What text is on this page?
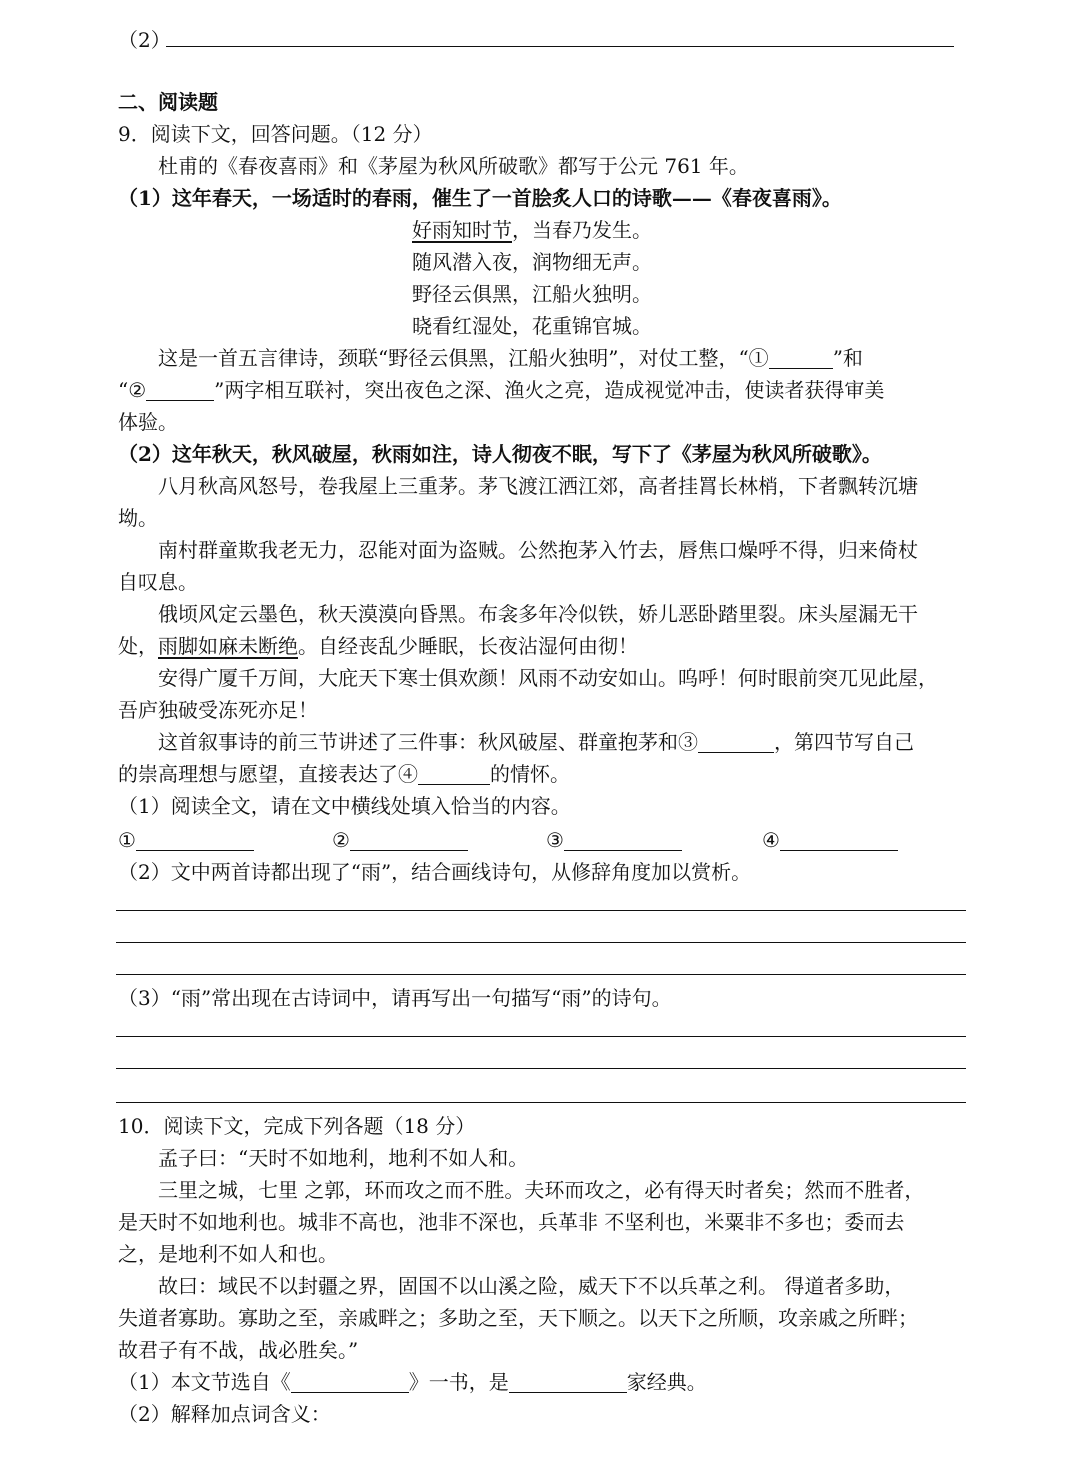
（2）
二、阅读题
9．阅读下文，回答问题。（12 分）
杜甫的《春夜喜雨》和《茅屋为秋风所破歌》都写于公元 761 年。
（1）这年春天，一场适时的春雨，催生了一首脍炙人口的诗歌——《春夜喜雨》。
好雨知时节，当春乃发生。
随风潜入夜，润物细无声。
野径云俱黑，江船火独明。
晓看红湿处，花重锦官城。
这是一首五言律诗，颈联“野径云俱黑，江船火独明”，对仗工整，“①	”和
“②	”两字相互联衬，突出夜色之深、渔火之亮，造成视觉冲击，使读者获得审美
体验。
（2）这年秋天，秋风破屋，秋雨如注，诗人彻夜不眠，写下了《茅屋为秋风所破歌》。
八月秋高风怒号，卷我屋上三重茅。茅飞渡江洒江郊，高者挂罥长林梢，下者飘转沉塘
坳。
南村群童欺我老无力，忍能对面为盗贼。公然抱茅入竹去，唇焦口燥呼不得，归来倚杖
自叹息。
俄顷风定云墨色，秋天漠漠向昏黑。布衾多年冷似铁，娇儿恶卧踏里裂。床头屋漏无干
处，雨脚如麻未断绝。自经丧乱少睡眠，长夜沾湿何由彻！
安得广厦千万间，大庇天下寒士俱欢颜！风雨不动安如山。呜呼！何时眼前突兀见此屋，
吾庐独破受冻死亦足！
这首叙事诗的前三节讲述了三件事：秋风破屋、群童抱茅和③	，第四节写自己
的崇高理想与愿望，直接表达了④	的情怀。
（1）阅读全文，请在文中横线处填入恰当的内容。
①	②	③	④
（2）文中两首诗都出现了“雨”，结合画线诗句，从修辞角度加以赏析。
（3）“雨”常出现在古诗词中，请再写出一句描写“雨”的诗句。
10．阅读下文，完成下列各题（18 分）
孟子曰：“天时不如地利，地利不如人和。
三里之城，七里 之郭，环而攻之而不胜。夫环而攻之，必有得天时者矣；然而不胜者，
是天时不如地利也。城非不高也，池非不深也，兵革非 不坚利也，米粟非不多也；委而去
之，是地利不如人和也。
故曰：域民不以封疆之界，固国不以山溪之险，威天下不以兵革之利。 得道者多助，
失道者寡助。寡助之至，亲戚畔之；多助之至，天下顺之。以天下之所顺，攻亲戚之所畔；
故君子有不战，战必胜矣。”
（1）本文节选自《	》一书，是	家经典。
（2）解释加点词含义：
